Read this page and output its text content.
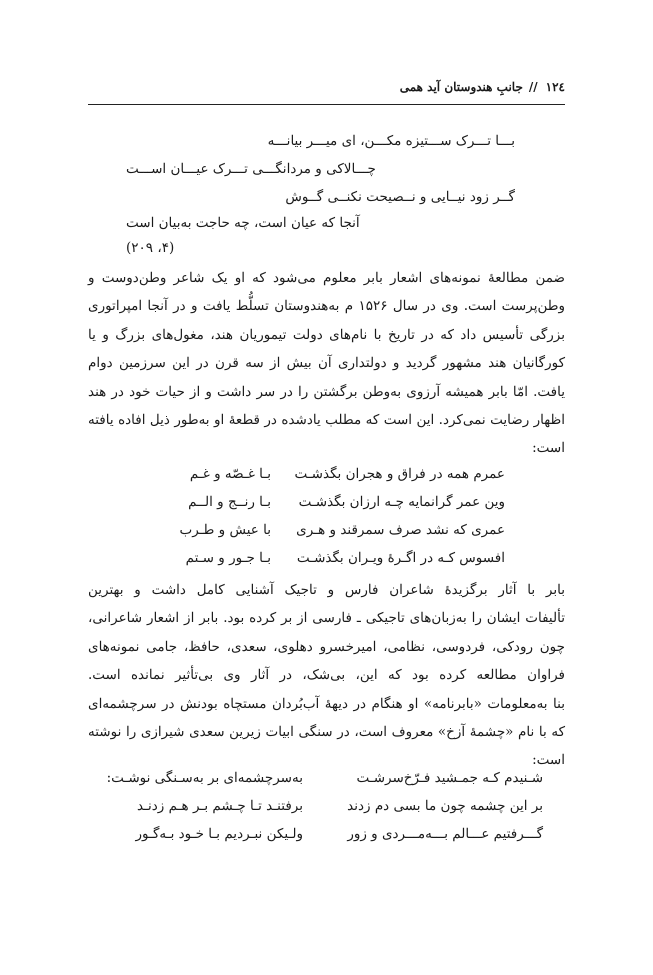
۱۲٤
//
جانبِ هندوستان آید همی
بـــا تـــرک ســـتیزه مکـــن، ای میـــر بیانـــه
چـــالاکی و مردانگـــی تـــرک عیـــان اســـت
گــر زود نیــایی و نــصیحت نکنــی گــوش
آنجا که عیان است، چه حاجت به‌بیان است
(۴، ۲۰۹)
ضمن مطالعهٔ نمونه‌های اشعار بابر معلوم می‌شود که او یک شاعر وطن‌دوست و
وطن‌پرست است. وی در سال ۱۵۲۶ م به‌هندوستان تسلُّط یافت و در آنجا امپراتوری
بزرگی تأسیس داد که در تاریخ با نام‌های دولت تیموریان هند، مغول‌های بزرگ و یا
کورگانیان هند مشهور گردید و دولتداری آن بیش از سه قرن در این سرزمین دوام
یافت. امّا بابر همیشه آرزوی به‌وطن برگشتن را در سر داشت و از حیات خود در هند
اظهار رضایت نمی‌کرد. این است که مطلب یادشده در قطعهٔ او به‌طور ذیل افاده یافته
است:
عمرم همه در فراق و هجران بگذشـت
بـا غـصّه و غـم
وین عمر گرانمایه چـه ارزان بگذشـت
بـا رنــج و الــم
عمری که نشد صرف سمرقند و هـری
با عیش و طـرب
افسوس کـه در اگـرهٔ ویـران بگذشـت
بـا جـور و سـتم
بابر با آثار برگزیدهٔ شاعران فارس و تاجیک آشنایی کامل داشت و بهترین
تألیفات ایشان را به‌زبان‌های تاجیکی ـ فارسی از بر کرده بود. بابر از اشعار شاعرانی،
چون رودکی، فردوسی، نظامی، امیرخسرو دهلوی، سعدی، حافظ، جامی نمونه‌های
فراوان مطالعه کرده بود که این، بی‌شک، در آثار وی بی‌تأثیر نمانده است.
بنا به‌معلومات «بابرنامه» او هنگام در دیههٔ آب‌بُردان مستچاه بودنش در سرچشمه‌ای
که با نام «چشمهٔ آزخ» معروف است، در سنگی ابیات زیرین سعدی شیرازی را نوشته
است:
شـنیدم کـه جمـشید فـرّخ‌سرشـت
به‌سرچشمه‌ای بر به‌سـنگی نوشـت:
بر این چشمه چون ما بسی دم زدند
برفتنـد تـا چـشم بـر هـم زدنـد
گـــرفتیم عـــالم بـــه‌مـــردی و زور
ولـیکن نبـردیم بـا خـود بـه‌گـور
